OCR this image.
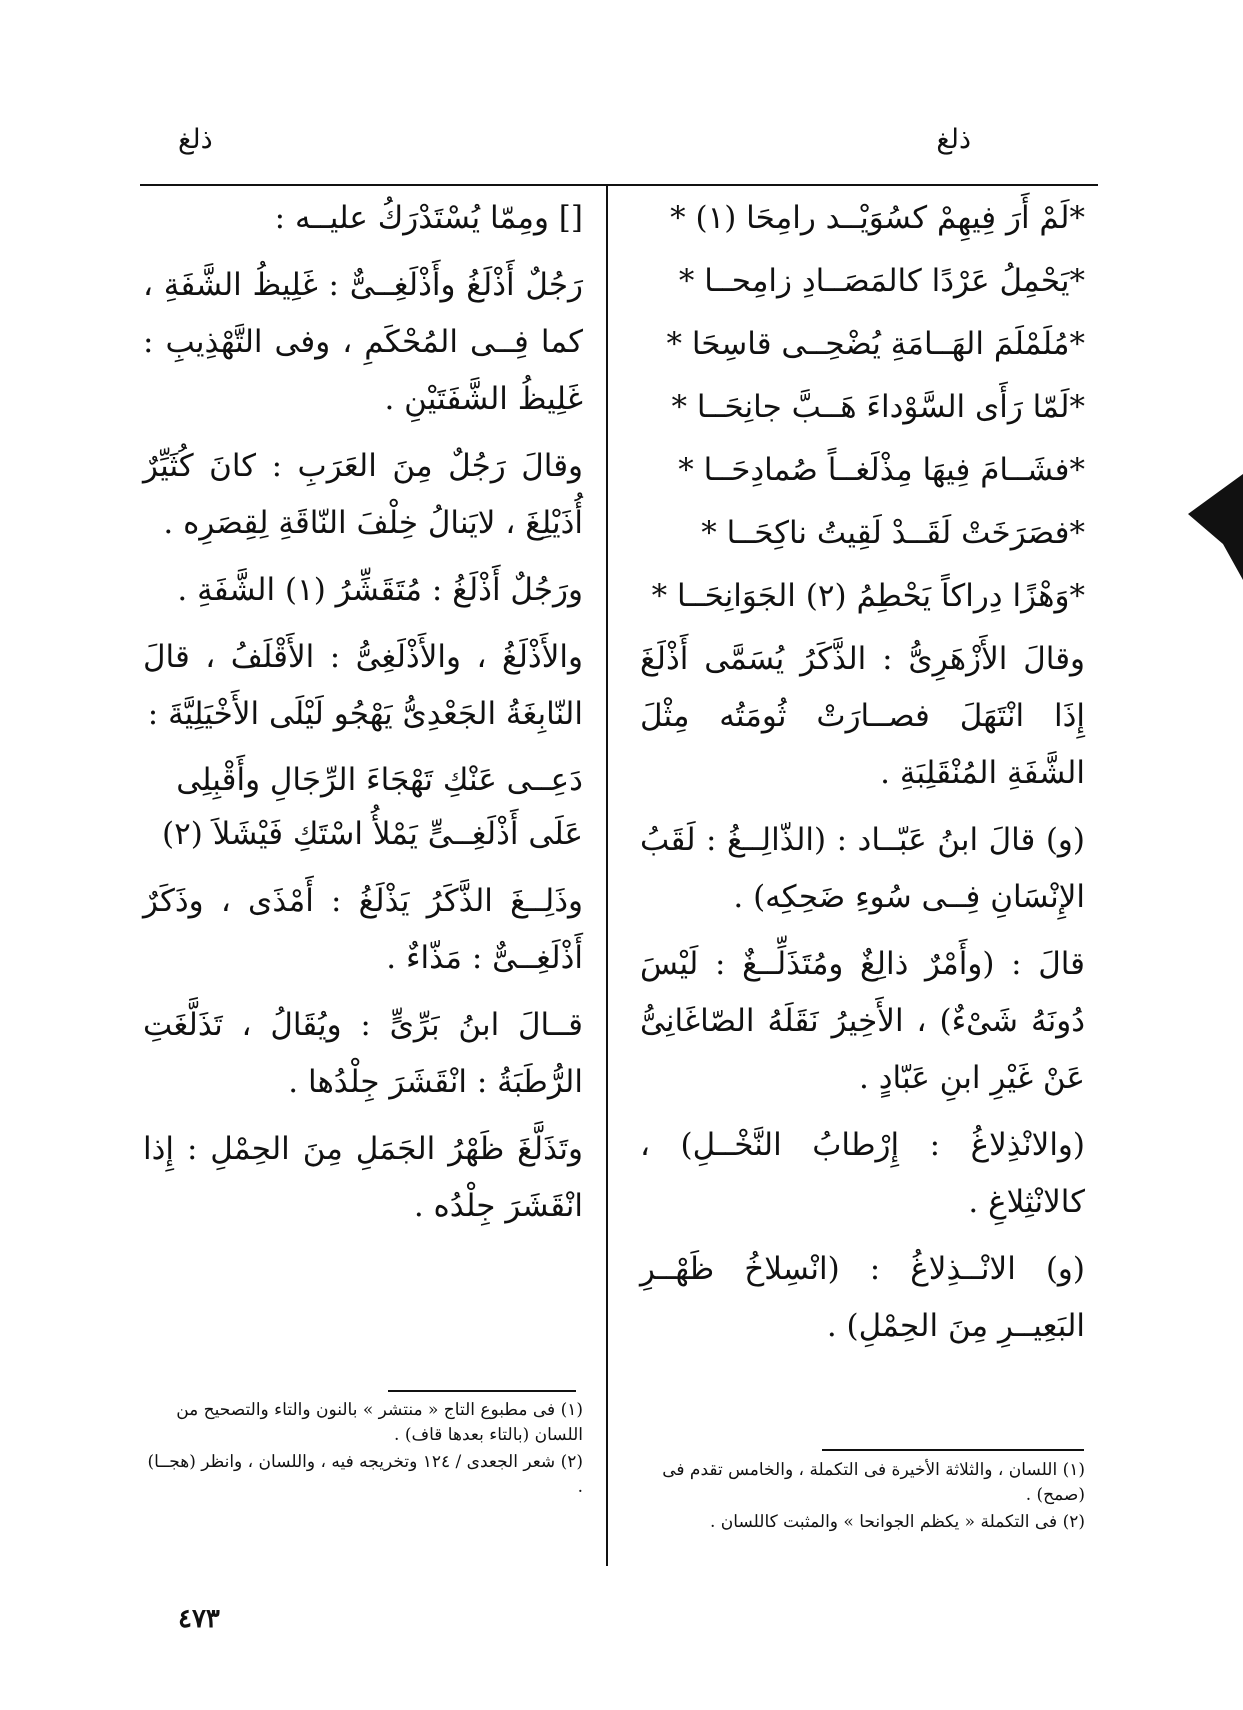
ذلغ
ذلغ
*لَمْ أَرَ فِيهِمْ كسُوَيْــد رامِحَا (١) *
*يَحْمِلُ عَرْدًا كالمَصَــادِ زامِحــا *
*مُلَمْلَمَ الهَــامَةِ يُضْحِــى قاسِحَا *
*لَمّا رَأَى السَّوْداءَ هَــبَّ جانِحَــا *
*فشَــامَ فِيهَا مِذْلَغــاً صُمادِحَــا *
*فصَرَخَتْ لَقَــدْ لَقِيتُ ناكِحَــا *
*وَهْزًا دِراكاً يَحْطِمُ (٢) الجَوَانِحَــا *

وقالَ الأَزْهَرِىُّ : الذَّكَرُ يُسَمَّى أَذْلَغَ إِذَا انْتَهَلَ فصــارَتْ ثُومَتُه مِثْلَ الشَّفَةِ المُنْقَلِبَةِ .

(و) قالَ ابنُ عَبّــاد : (الذّالِــغُ : لَقَبُ الإِنْسَانِ فِــى سُوءِ ضَحِكِه) .

قالَ : (وأَمْرٌ ذالِغٌ ومُتَذَلِّــغٌ : لَيْسَ دُونَهُ شَىْءٌ) ، الأَخِيرُ نَقَلَهُ الصّاغَانِىُّ عَنْ غَيْرِ ابنِ عَبّادٍ .

(والانْذِلاغُ : إِرْطابُ النَّخْــلِ) ، كالانْثِلاغِ .

(و) الانْــذِلاغُ : (انْسِلاخُ ظَهْــرِ البَعِيــرِ مِنَ الحِمْلِ) .

[] ومِمّا يُسْتَدْرَكُ عليــه :

رَجُلٌ أَذْلَغُ وأَذْلَغِــىٌّ : غَلِيظُ الشَّفَةِ ، كما فِــى المُحْكَمِ ، وفى التَّهْذِيبِ : غَلِيظُ الشَّفَتَيْنِ .

وقالَ رَجُلٌ مِنَ العَرَبِ : كانَ كُثَيِّرٌ أُذَيْلِغَ ، لايَنالُ خِلْفَ النّاقَةِ لِقِصَرِه .

ورَجُلٌ أَذْلَغُ : مُتَقَشِّرُ (١) الشَّفَةِ .

والأَذْلَغُ ، والأَذْلَغِىُّ : الأَقْلَفُ ، قالَ النّابِغَةُ الجَعْدِىُّ يَهْجُو لَيْلَى الأَخْيَلِيَّةَ :

دَعِــى عَنْكِ تَهْجَاءَ الرِّجَالِ وأَقْبِلِى
عَلَى أَذْلَغِــىٍّ يَمْلأُ اسْتَكِ فَيْشَلاَ (٢)

وذَلِــغَ الذَّكَرُ يَذْلَغُ : أَمْذَى ، وذَكَرٌ أَذْلَغِــىٌّ : مَذّاءٌ .

قــالَ ابنُ بَرِّىٍّ : ويُقَالُ ، تَذَلَّغَتِ الرُّطَبَةُ : انْقَشَرَ جِلْدُها .

وتَذَلَّغَ ظَهْرُ الجَمَلِ مِنَ الحِمْلِ : إِذا انْقَشَرَ جِلْدُه .

(١) اللسان ، والثلاثة الأخيرة فى التكملة ، والخامس تقدم فى (صمح) .
(٢) فى التكملة « يكظم الجوانحا » والمثبت كاللسان .
(١) فى مطبوع التاج « منتشر » بالنون والتاء والتصحيح من اللسان (بالتاء بعدها قاف) .
(٢) شعر الجعدى / ١٢٤ وتخريجه فيه ، واللسان ، وانظر (هجــا) .
٤٧٣
